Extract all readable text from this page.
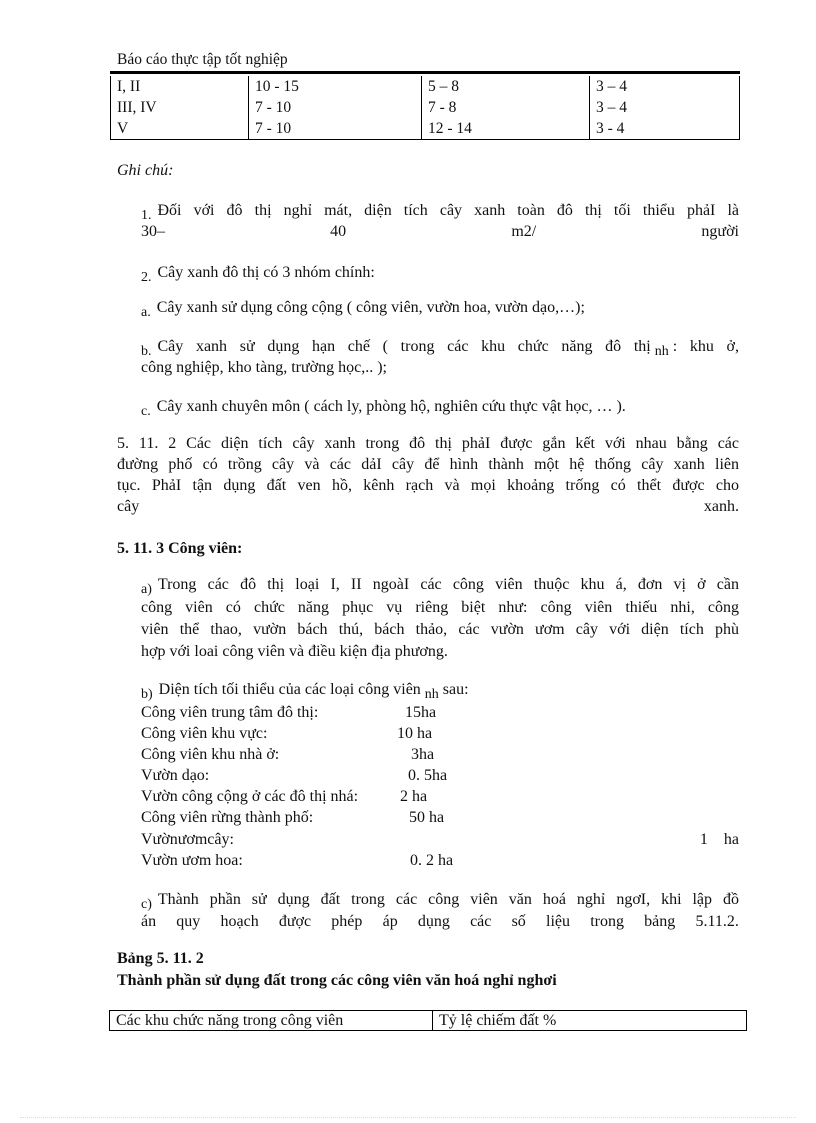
Báo cáo thực tập tốt nghiệp
I, II	10 - 15	5 – 8	3 – 4
III, IV	7 - 10	7 - 8	3 – 4
V	7 - 10	12 - 14	3 - 4
Ghi chú:
1. Đối với đô thị nghỉ mát, diện tích cây xanh toàn đô thị tối thiểu phảI là
30–	40	m2/	người
2. Cây xanh đô thị có 3 nhóm chính:
a. Cây xanh sử dụng công cộng ( công viên, vườn hoa, vườn dạo,…);
b. Cây xanh sử dụng hạn chế ( trong các khu chức năng đô thị nh : khu ở,
công nghiệp, kho tàng, trường học,.. );
c. Cây xanh chuyên môn ( cách ly, phòng hộ, nghiên cứu thực vật học, … ).
5. 11. 2 Các diện tích cây xanh trong đô thị phảI được gắn kết với nhau bằng các
đường phố có trồng cây và các dảI cây để hình thành một hệ thống cây xanh liên
tục. PhảI tận dụng đất ven hồ, kênh rạch và mọi khoảng trống có thểt được cho
cây	xanh.
5. 11. 3 Công viên:
a) Trong các đô thị loại I, II ngoàI các công viên thuộc khu á, đơn vị ở cần
công viên có chức năng phục vụ riêng biệt như: công viên thiếu nhi, công
viên thể thao, vườn bách thú, bách thảo, các vườn ươm cây với diện tích phù
hợp với loai công viên và điều kiện địa phương.
b) Diện tích tối thiểu của các loại công viên nh sau:
Công viên trung tâm đô thị:	15ha
Công viên khu vực:	10 ha
Công viên khu nhà ở:	3ha
Vườn dạo:	0. 5ha
Vườn công cộng ở các đô thị nhá:	2 ha
Công viên rừng thành phố:	50 ha
Vườn ươm cây:	1 ha
Vườn ươm hoa:	0. 2 ha
c) Thành phần sử dụng đất trong các công viên văn hoá nghỉ ngơI, khi lập đồ
án quy hoạch được phép áp dụng các số liệu trong bảng 5.11.2.
Bảng 5. 11. 2
Thành phần sử dụng đất trong các công viên văn hoá nghỉ nghơi
Các khu chức năng trong công viên	Tỷ lệ chiếm đất %
